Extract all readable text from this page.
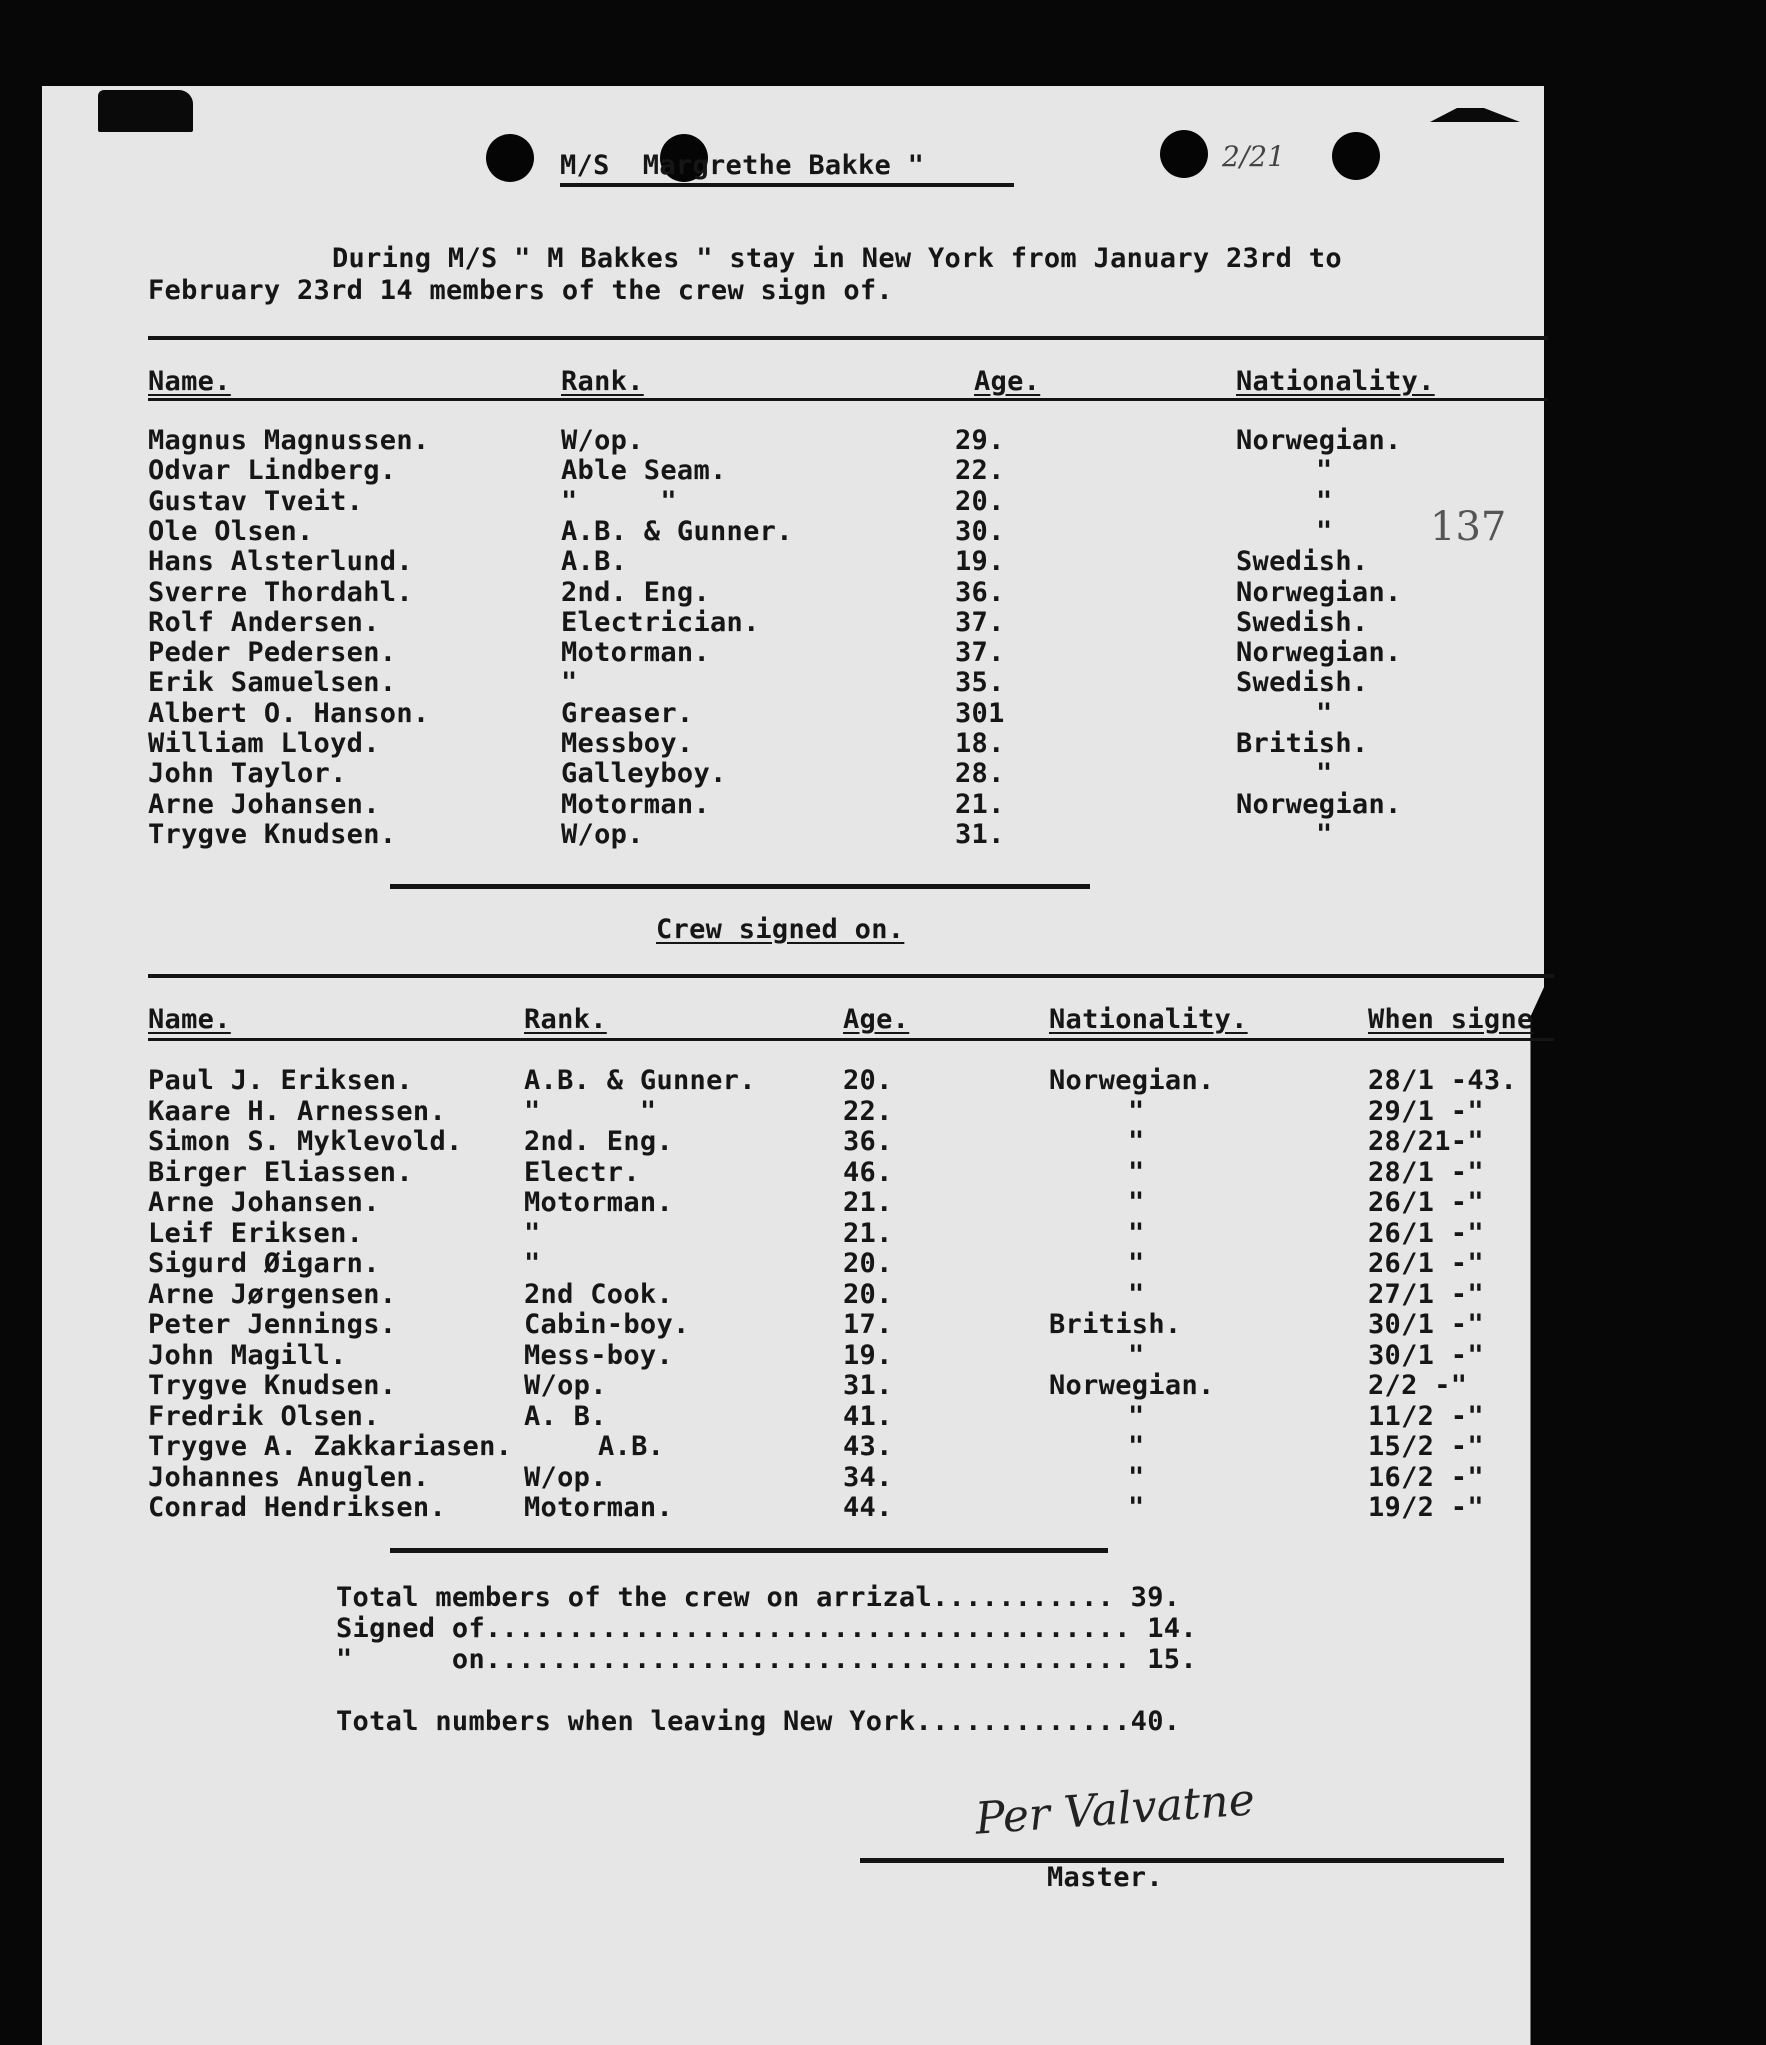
M/S  Margrethe Bakke "	2/21
During M/S " M Bakkes " stay in New York from January 23rd to
February 23rd 14 members of the crew sign of.
Name.	Rank.	Age.	Nationality.
Magnus Magnussen.	W/op.	29.	Norwegian.
Odvar Lindberg.	Able Seam.	22.	"
Gustav Tveit.	"     "	20.	"
Ole Olsen.	A.B. & Gunner.	30.	"
Hans Alsterlund.	A.B.	19.	Swedish.
Sverre Thordahl.	2nd. Eng.	36.	Norwegian.
Rolf Andersen.	Electrician.	37.	Swedish.
Peder Pedersen.	Motorman.	37.	Norwegian.
Erik Samuelsen.	"	35.	Swedish.
Albert O. Hanson.	Greaser.	301	"
William Lloyd.	Messboy.	18.	British.
John Taylor.	Galleyboy.	28.	"
Arne Johansen.	Motorman.	21.	Norwegian.
Trygve Knudsen.	W/op.	31.	"
137
Crew signed on.
Name.	Rank.	Age.	Nationality.	When signe
Paul J. Eriksen.	A.B. & Gunner.	20.	Norwegian.	28/1 -43.
Kaare H. Arnessen.	"      "	22.	"	29/1 -"
Simon S. Myklevold. 2nd. Eng.	36.	"	28/21-"
Birger Eliassen.	Electr.	46.	"	28/1 -"
Arne Johansen.	Motorman.	21.	"	26/1 -"
Leif Eriksen.	"	21.	"	26/1 -"
Sigurd Øigarn.	"	20.	"	26/1 -"
Arne Jørgensen.	2nd Cook.	20.	"	27/1 -"
Peter Jennings.	Cabin-boy.	17.	British.	30/1 -"
John Magill.	Mess-boy.	19.	"	30/1 -"
Trygve Knudsen.	W/op.	31.	Norwegian.	2/2 -"
Fredrik Olsen.	A. B.	41.	"	11/2 -"
Trygve A. Zakkariasen.	A.B.	43.	"	15/2 -"
Johannes Anuglen.	W/op.	34.	"	16/2 -"
Conrad Hendriksen.	Motorman.	44.	"	19/2 -"
Total members of the crew on arrizal........... 39.
Signed of....................................... 14.
"      on....................................... 15.
Total numbers when leaving New York.............40.
Per Valvatne
Master.
